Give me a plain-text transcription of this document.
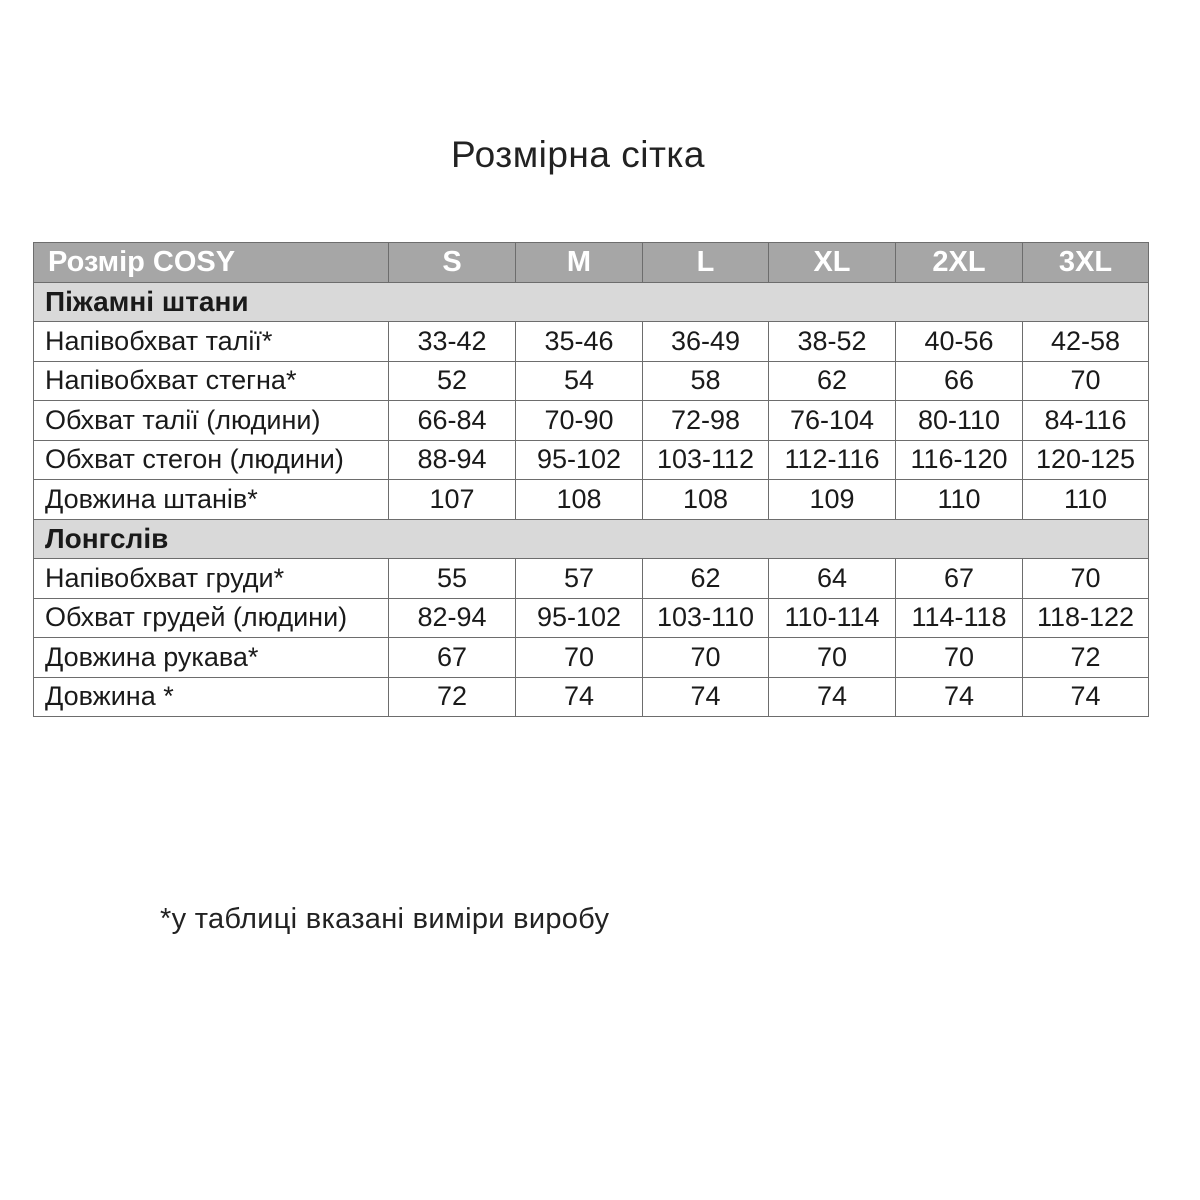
Розмірна сітка
Розмір COSY	S	M	L	XL	2XL	3XL
Піжамні штани						
Напівобхват талії*	33-42	35-46	36-49	38-52	40-56	42-58
Напівобхват стегна*	52	54	58	62	66	70
Обхват талії (людини)	66-84	70-90	72-98	76-104	80-110	84-116
Обхват стегон (людини)	88-94	95-102	103-112	112-116	116-120	120-125
Довжина штанів*	107	108	108	109	110	110
Лонгслів						
Напівобхват груди*	55	57	62	64	67	70
Обхват грудей (людини)	82-94	95-102	103-110	110-114	114-118	118-122
Довжина рукава*	67	70	70	70	70	72
Довжина *	72	74	74	74	74	74
*у таблиці вказані виміри виробу
